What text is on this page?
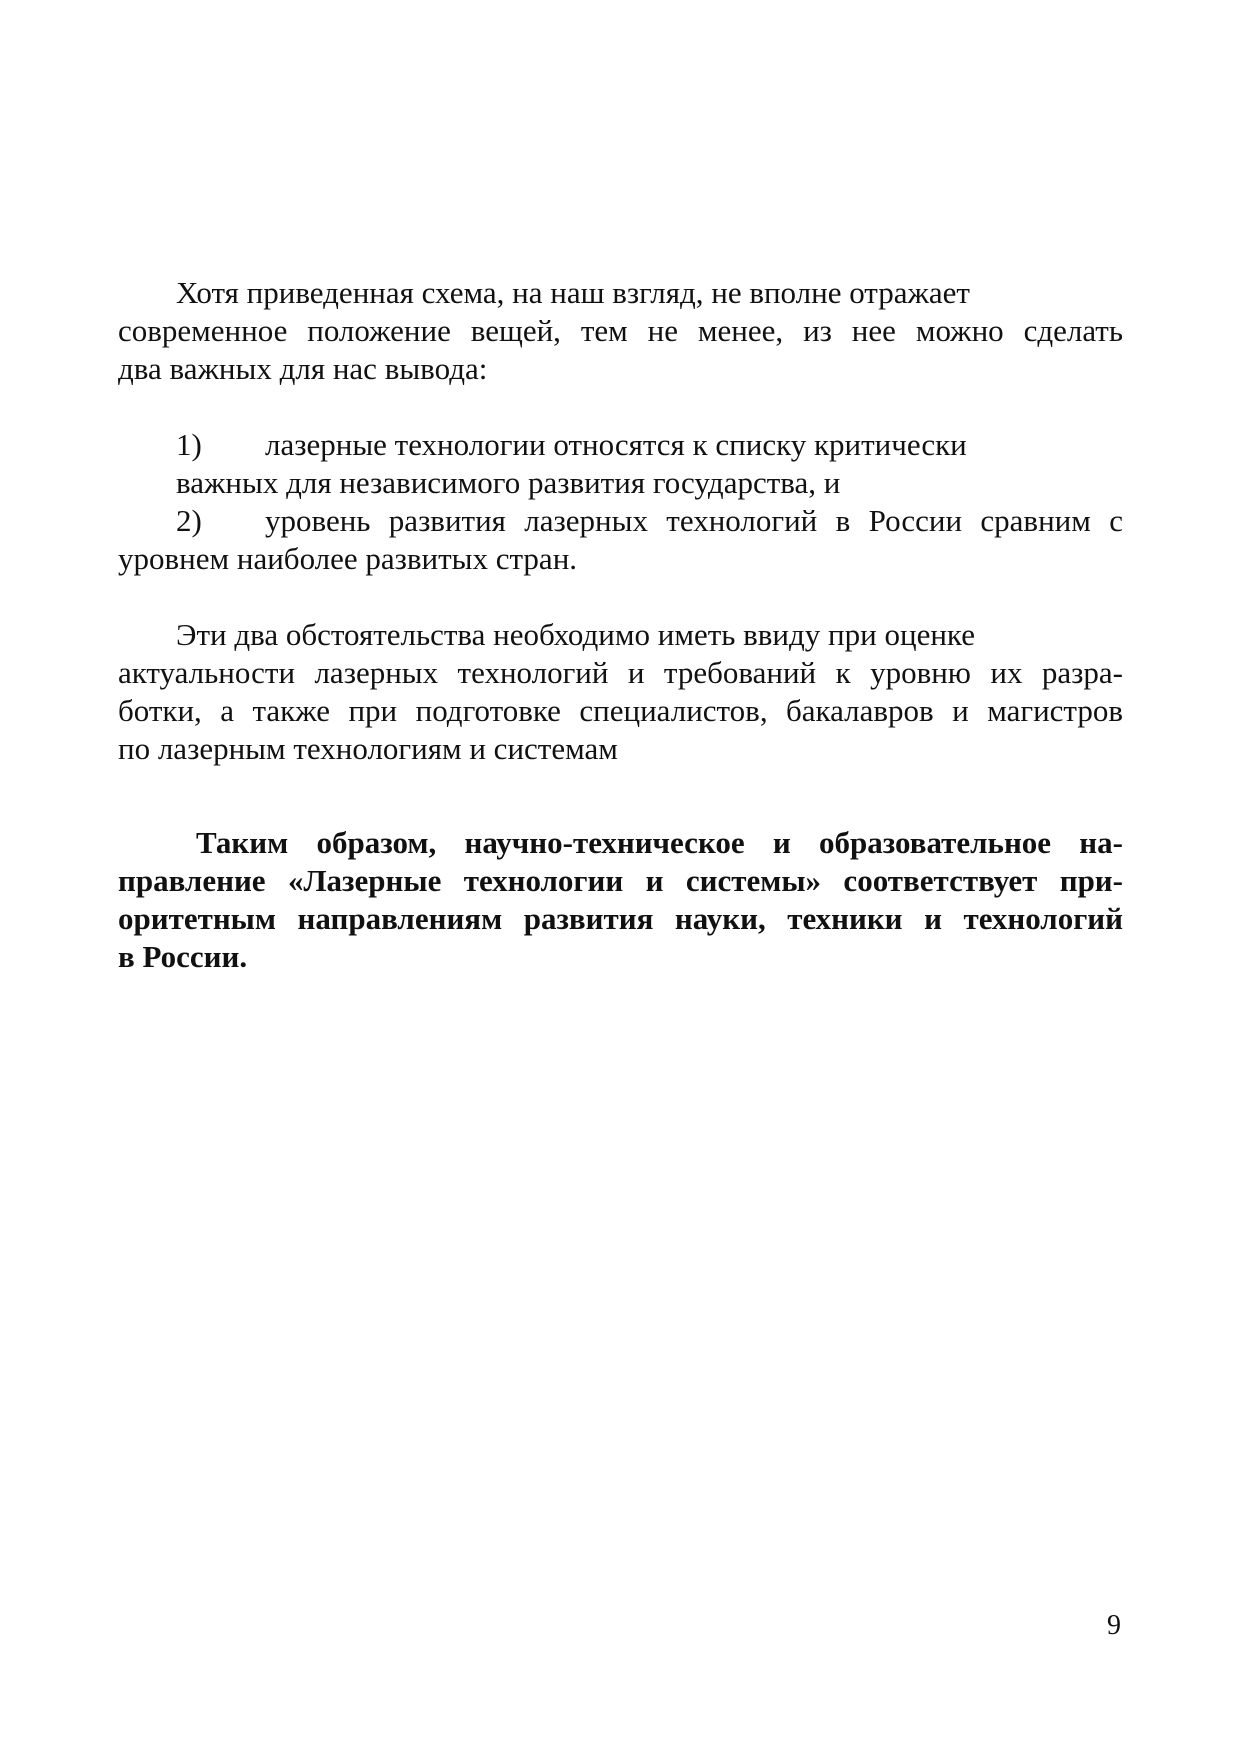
Хотя приведенная схема, на наш взгляд, не вполне отражает

современное положение вещей, тем не менее, из нее можно сделать

два важных для нас вывода:

1) лазерные технологии относятся к списку критически

важных для независимого развития государства, и

2) уровень развития лазерных технологий в России сравним с

уровнем наиболее развитых стран.

Эти два обстоятельства необходимо иметь ввиду при оценке

актуальности лазерных технологий и требований к уровню их разра-

ботки, а также при подготовке специалистов, бакалавров и магистров

по лазерным технологиям и системам

Таким образом, научно-техническое и образовательное на-

правление «Лазерные технологии и системы» соответствует при-

оритетным направлениям развития науки, техники и технологий

в России.

9
